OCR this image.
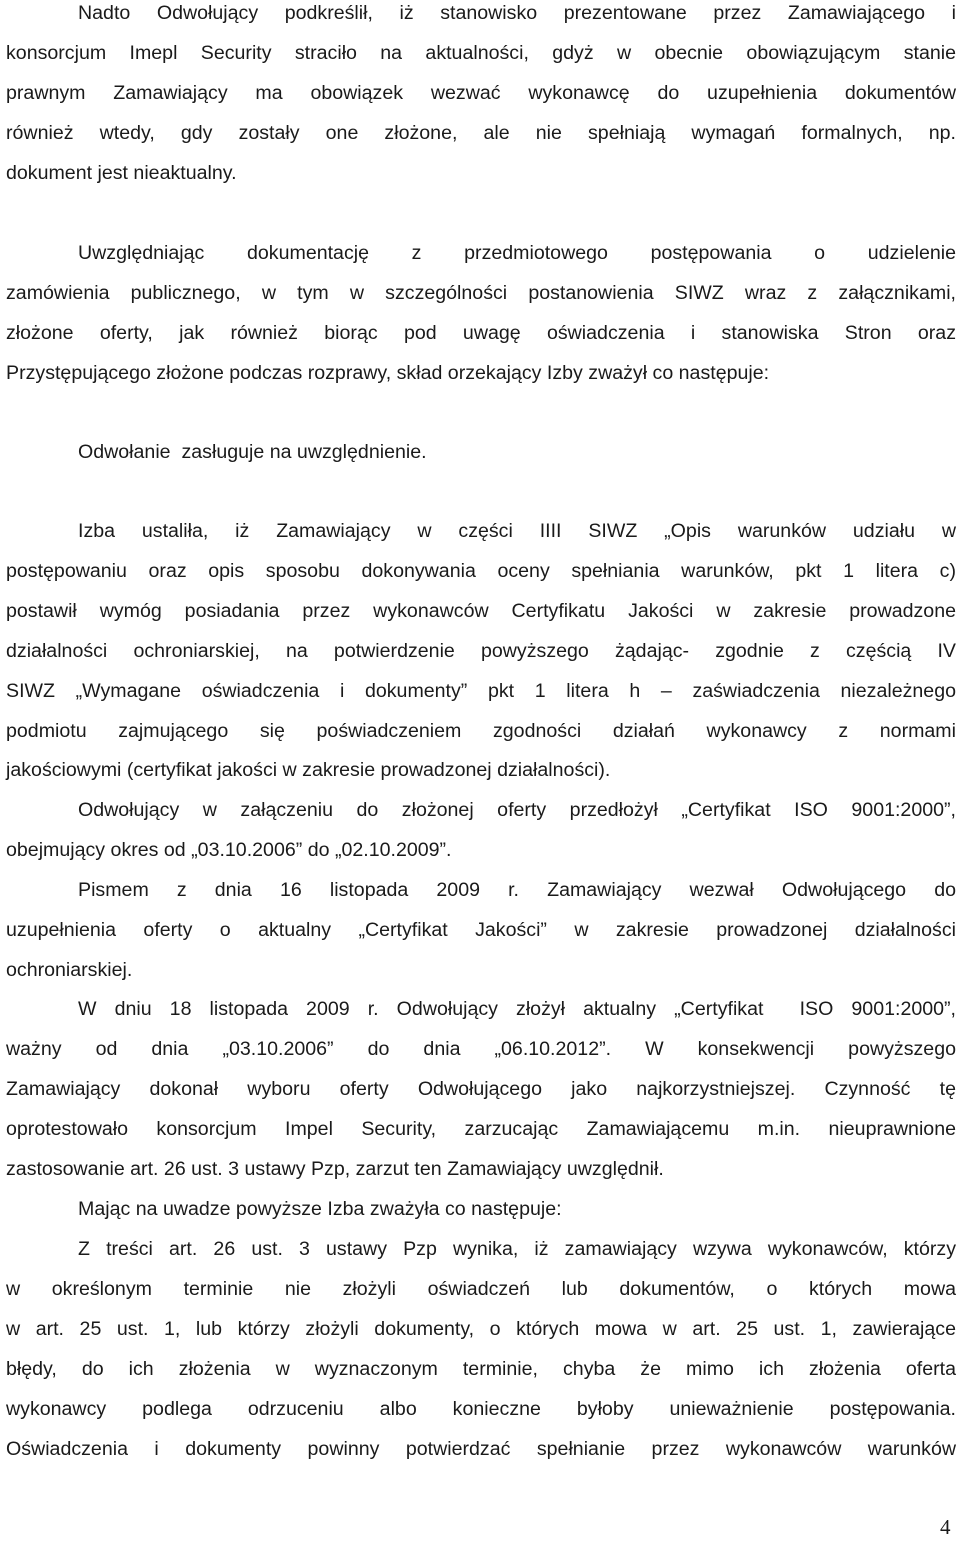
Nadto Odwołujący podkreślił, iż stanowisko prezentowane przez Zamawiającego i
konsorcjum Imepl Security straciło na aktualności, gdyż w obecnie obowiązującym stanie
prawnym Zamawiający ma obowiązek wezwać wykonawcę do uzupełnienia dokumentów
również wtedy, gdy zostały one złożone, ale nie spełniają wymagań formalnych, np.
dokument jest nieaktualny.
Uwzględniając dokumentację z przedmiotowego postępowania o udzielenie
zamówienia publicznego, w tym w szczególności postanowienia SIWZ wraz z załącznikami,
złożone oferty, jak również biorąc pod uwagę oświadczenia i stanowiska Stron oraz
Przystępującego złożone podczas rozprawy, skład orzekający Izby zważył co następuje:
Odwołanie  zasługuje na uwzględnienie.
Izba ustaliła, iż Zamawiający w części IIII SIWZ „Opis warunków udziału w
postępowaniu oraz opis sposobu dokonywania oceny spełniania warunków, pkt 1 litera c)
postawił wymóg posiadania przez wykonawców Certyfikatu Jakości w zakresie prowadzone
działalności ochroniarskiej, na potwierdzenie powyższego żądając- zgodnie z częścią IV
SIWZ „Wymagane oświadczenia i dokumenty” pkt 1 litera h – zaświadczenia niezależnego
podmiotu zajmującego się poświadczeniem zgodności działań wykonawcy z normami
jakościowymi (certyfikat jakości w zakresie prowadzonej działalności).
Odwołujący w załączeniu do złożonej oferty przedłożył „Certyfikat ISO 9001:2000”,
obejmujący okres od „03.10.2006” do „02.10.2009”.
Pismem z dnia 16 listopada 2009 r. Zamawiający wezwał Odwołującego do
uzupełnienia oferty o aktualny „Certyfikat Jakości” w zakresie prowadzonej działalności
ochroniarskiej.
W dniu 18 listopada 2009 r. Odwołujący złożył aktualny „Certyfikat  ISO 9001:2000”,
ważny od dnia „03.10.2006” do dnia „06.10.2012”. W konsekwencji powyższego
Zamawiający dokonał wyboru oferty Odwołującego jako najkorzystniejszej. Czynność tę
oprotestowało konsorcjum Impel Security, zarzucając Zamawiającemu m.in. nieuprawnione
zastosowanie art. 26 ust. 3 ustawy Pzp, zarzut ten Zamawiający uwzględnił.
Mając na uwadze powyższe Izba zważyła co następuje:
Z treści art. 26 ust. 3 ustawy Pzp wynika, iż zamawiający wzywa wykonawców, którzy
w określonym terminie nie złożyli oświadczeń lub dokumentów, o których mowa
w art. 25 ust. 1, lub którzy złożyli dokumenty, o których mowa w art. 25 ust. 1, zawierające
błędy, do ich złożenia w wyznaczonym terminie, chyba że mimo ich złożenia oferta
wykonawcy podlega odrzuceniu albo konieczne byłoby unieważnienie postępowania.
Oświadczenia i dokumenty powinny potwierdzać spełnianie przez wykonawców warunków
4
